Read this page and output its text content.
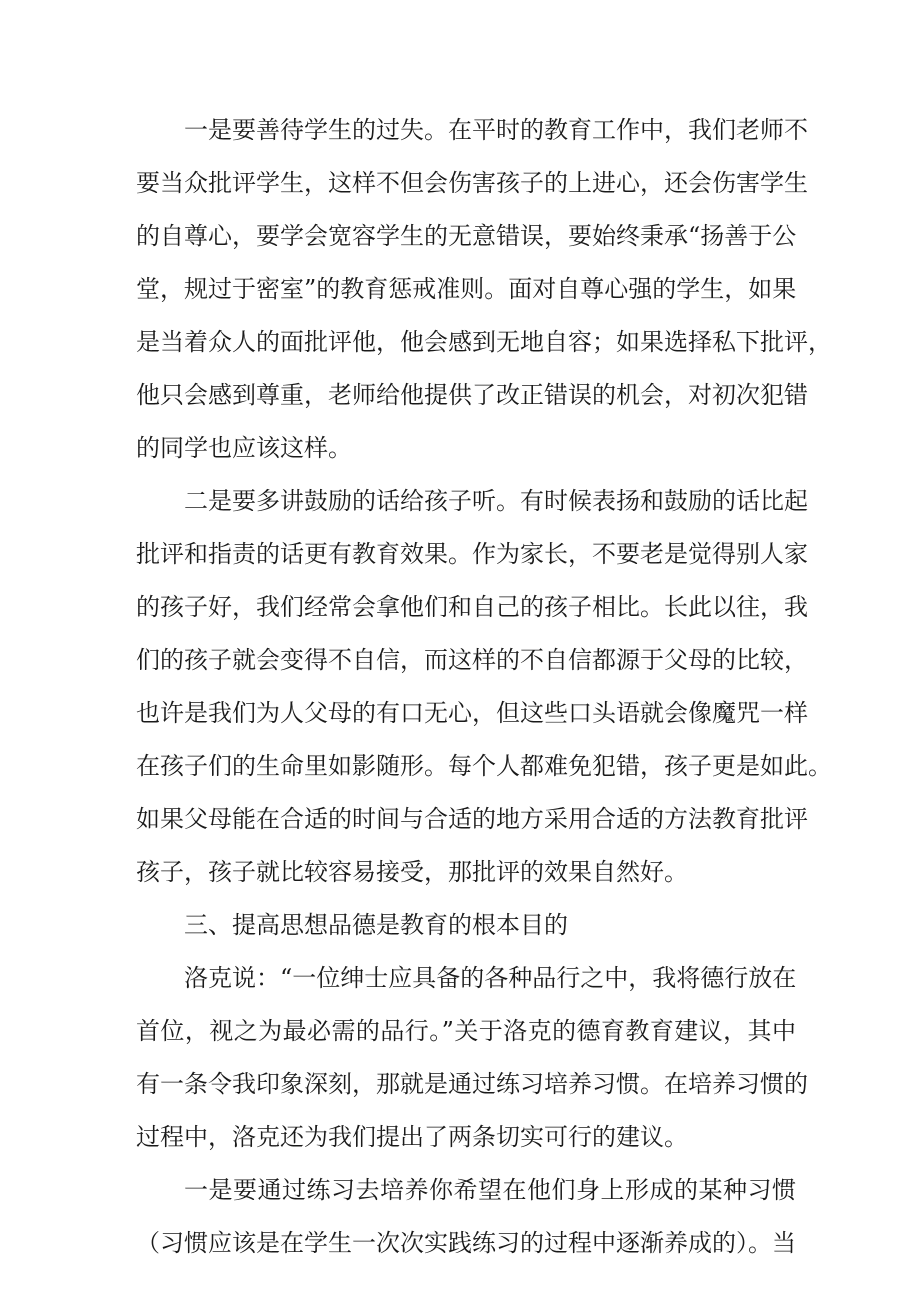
一是要善待学生的过失。在平时的教育工作中，我们老师不
要当众批评学生，这样不但会伤害孩子的上进心，还会伤害学生
的自尊心，要学会宽容学生的无意错误，要始终秉承“扬善于公
堂，规过于密室”的教育惩戒准则。面对自尊心强的学生，如果
是当着众人的面批评他，他会感到无地自容；如果选择私下批评，
他只会感到尊重，老师给他提供了改正错误的机会，对初次犯错
的同学也应该这样。
二是要多讲鼓励的话给孩子听。有时候表扬和鼓励的话比起
批评和指责的话更有教育效果。作为家长，不要老是觉得别人家
的孩子好，我们经常会拿他们和自己的孩子相比。长此以往，我
们的孩子就会变得不自信，而这样的不自信都源于父母的比较，
也许是我们为人父母的有口无心，但这些口头语就会像魔咒一样
在孩子们的生命里如影随形。每个人都难免犯错，孩子更是如此。
如果父母能在合适的时间与合适的地方采用合适的方法教育批评
孩子，孩子就比较容易接受，那批评的效果自然好。
三、提高思想品德是教育的根本目的
洛克说：“一位绅士应具备的各种品行之中，我将德行放在
首位，视之为最必需的品行。”关于洛克的德育教育建议，其中
有一条令我印象深刻，那就是通过练习培养习惯。在培养习惯的
过程中，洛克还为我们提出了两条切实可行的建议。
一是要通过练习去培养你希望在他们身上形成的某种习惯
（习惯应该是在学生一次次实践练习的过程中逐渐养成的）。当
